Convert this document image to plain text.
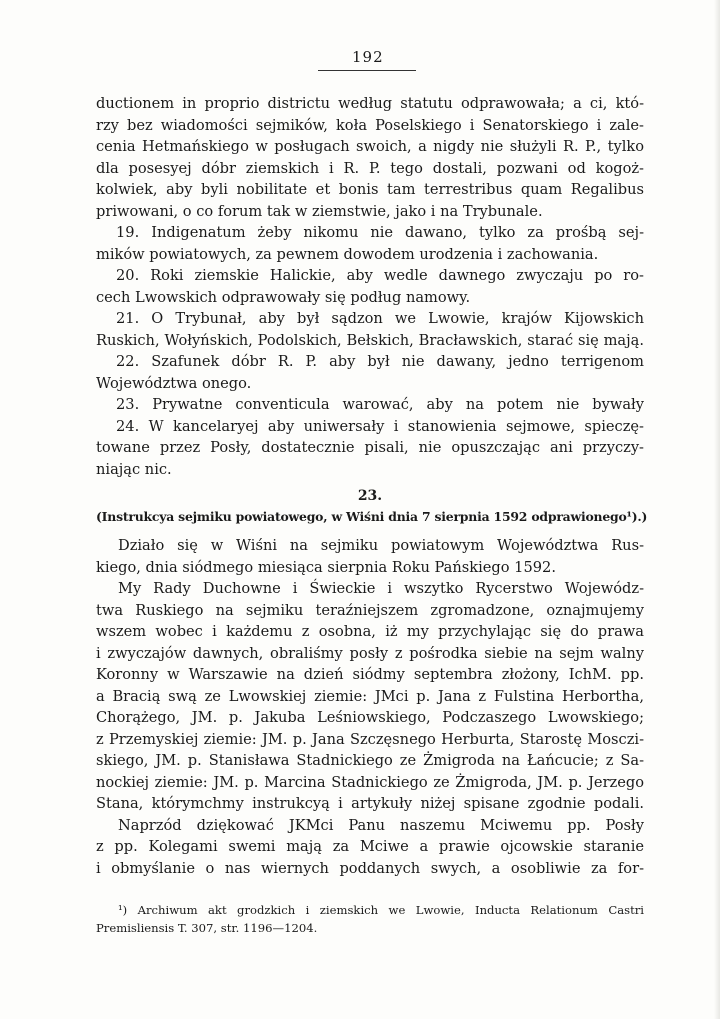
192
ductionem in proprio districtu według statutu odprawowała; a ci, któ-
rzy bez wiadomości sejmików, koła Poselskiego i Senatorskiego i zale-
cenia Hetmańskiego w posługach swoich, a nigdy nie służyli R. P., tylko
dla posesyej dóbr ziemskich i R. P. tego dostali, pozwani od kogoż-
kolwiek, aby byli nobilitate et bonis tam terrestribus quam Regalibus
priwowani, o co forum tak w ziemstwie, jako i na Trybunale.
19. Indigenatum żeby nikomu nie dawano, tylko za prośbą sej-
mików powiatowych, za pewnem dowodem urodzenia i zachowania.
20. Roki ziemskie Halickie, aby wedle dawnego zwyczaju po ro-
cech Lwowskich odprawowały się podług namowy.
21. O Trybunał, aby był sądzon we Lwowie, krajów Kijowskich
Ruskich, Wołyńskich, Podolskich, Bełskich, Bracławskich, starać się mają.
22. Szafunek dóbr R. P. aby był nie dawany, jedno terrigenom
Województwa onego.
23. Prywatne conventicula warować, aby na potem nie bywały
24. W kancelaryej aby uniwersały i stanowienia sejmowe, spieczę-
towane przez Posły, dostatecznie pisali, nie opuszczając ani przyczy-
niając nic.
23.
(Instrukcya sejmiku powiatowego, w Wiśni dnia 7 sierpnia 1592 odprawionego¹).)
Działo się w Wiśni na sejmiku powiatowym Województwa Rus-
kiego, dnia siódmego miesiąca sierpnia Roku Pańskiego 1592.
My Rady Duchowne i Świeckie i wszytko Rycerstwo Wojewódz-
twa Ruskiego na sejmiku teraźniejszem zgromadzone, oznajmujemy
wszem wobec i każdemu z osobna, iż my przychylając się do prawa
i zwyczajów dawnych, obraliśmy posły z pośrodka siebie na sejm walny
Koronny w Warszawie na dzień siódmy septembra złożony, IchM. pp.
a Bracią swą ze Lwowskiej ziemie: JMci p. Jana z Fulstina Herbortha,
Chorążego, JM. p. Jakuba Leśniowskiego, Podczaszego Lwowskiego;
z Przemyskiej ziemie: JM. p. Jana Szczęsnego Herburta, Starostę Mosczi-
skiego, JM. p. Stanisława Stadnickiego ze Żmigroda na Łańcucie; z Sa-
nockiej ziemie: JM. p. Marcina Stadnickiego ze Żmigroda, JM. p. Jerzego
Stana, którymchmy instrukcyą i artykuły niżej spisane zgodnie podali.
Naprzód dziękować JKMci Panu naszemu Mciwemu pp. Posły
z pp. Kolegami swemi mają za Mciwe a prawie ojcowskie staranie
i obmyślanie o nas wiernych poddanych swych, a osobliwie za for-
¹) Archiwum akt grodzkich i ziemskich we Lwowie, Inducta Relationum Castri
Premisliensis T. 307, str. 1196—1204.
